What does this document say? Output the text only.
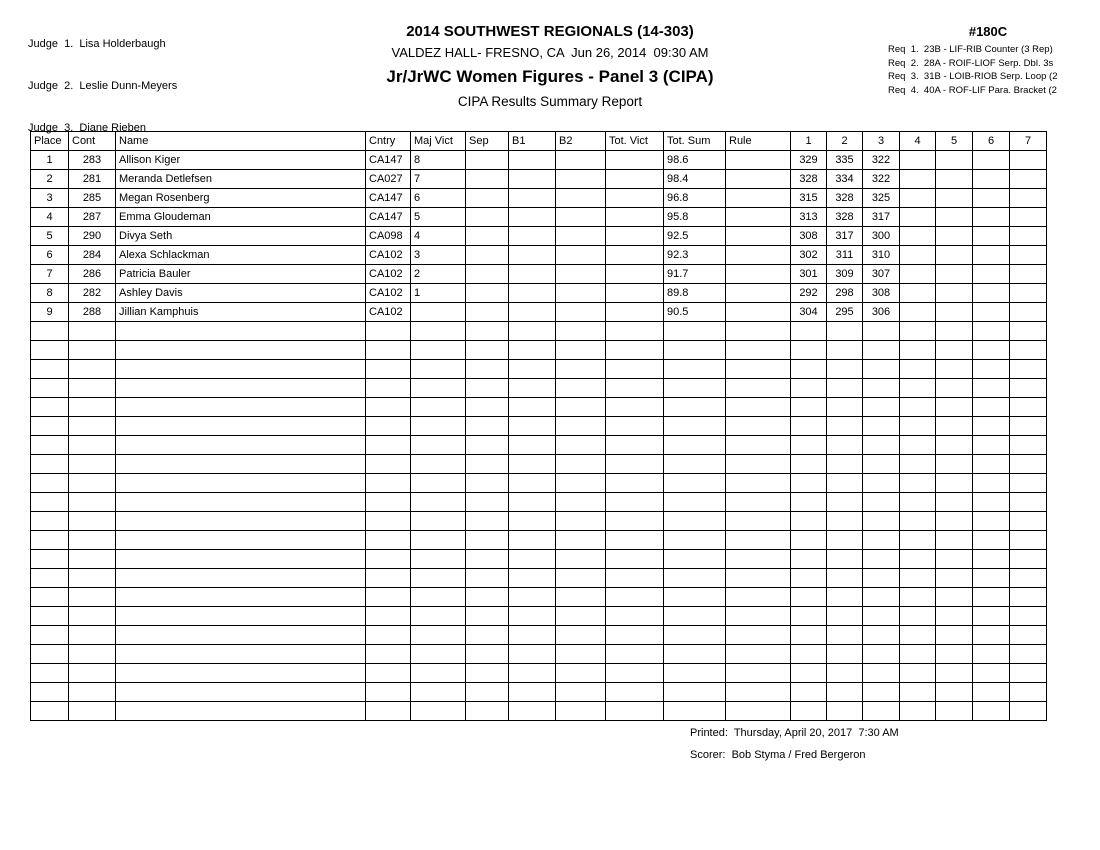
Judge  1.  Lisa Holderbaugh

Judge  2.  Leslie Dunn-Meyers

Judge  3.  Diane Rieben

2014 SOUTHWEST REGIONALS (14-303)
VALDEZ HALL- FRESNO, CA  Jun 26, 2014  09:30 AM
Jr/JrWC Women Figures - Panel 3 (CIPA)
CIPA Results Summary Report
#180C
Req  1.  23B - LIF-RIB Counter (3 Rep)
Req  2.  28A - ROIF-LIOF Serp. Dbl. 3s
Req  3.  31B - LOIB-RIOB Serp. Loop (2
Req  4.  40A - ROF-LIF Para. Bracket (2
Place	Cont	Name	Cntry	Maj Vict	Sep	B1	B2	Tot. Vict	Tot. Sum	Rule	1	2	3	4	5	6	7
1	283	Allison Kiger	CA147	8					98.6		329	335	322				
2	281	Meranda Detlefsen	CA027	7					98.4		328	334	322				
3	285	Megan Rosenberg	CA147	6					96.8		315	328	325				
4	287	Emma Gloudeman	CA147	5					95.8		313	328	317				
5	290	Divya Seth	CA098	4					92.5		308	317	300				
6	284	Alexa Schlackman	CA102	3					92.3		302	311	310				
7	286	Patricia Bauler	CA102	2					91.7		301	309	307				
8	282	Ashley Davis	CA102	1					89.8		292	298	308				
9	288	Jillian Kamphuis	CA102						90.5		304	295	306				

Printed:  Thursday, April 20, 2017  7:30 AM
Scorer:  Bob Styma / Fred Bergeron
